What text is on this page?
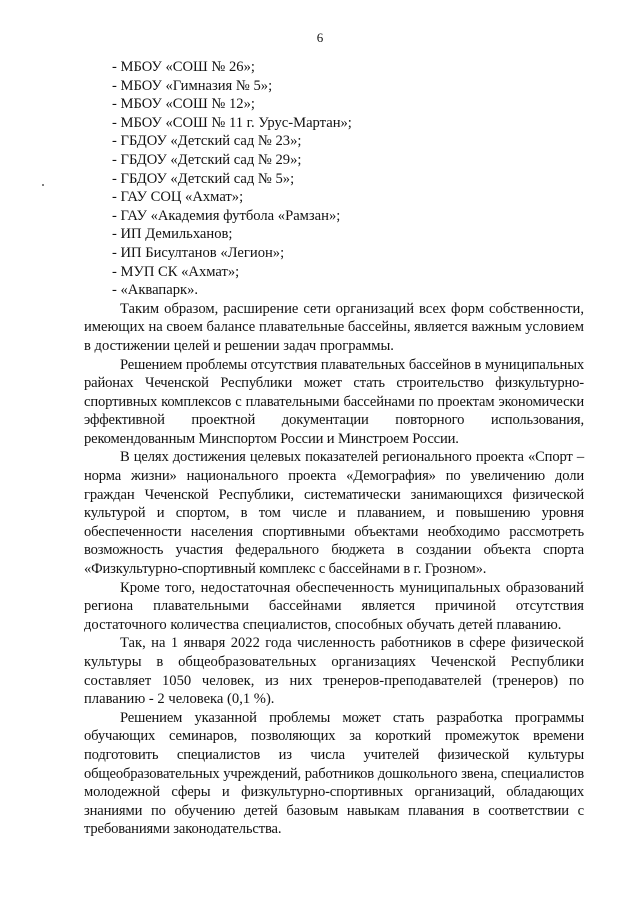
6
- МБОУ «СОШ № 26»;
- МБОУ «Гимназия № 5»;
- МБОУ «СОШ № 12»;
- МБОУ «СОШ № 11 г. Урус-Мартан»;
- ГБДОУ «Детский сад № 23»;
- ГБДОУ «Детский сад № 29»;
- ГБДОУ «Детский сад № 5»;
- ГАУ СОЦ «Ахмат»;
- ГАУ «Академия футбола «Рамзан»;
- ИП Демильханов;
- ИП Бисултанов «Легион»;
- МУП СК «Ахмат»;
- «Аквапарк».

Таким образом, расширение сети организаций всех форм собственности, имеющих на своем балансе плавательные бассейны, является важным условием в достижении целей и решении задач программы.

Решением проблемы отсутствия плавательных бассейнов в муниципальных районах Чеченской Республики может стать строительство физкультурно-спортивных комплексов с плавательными бассейнами по проектам экономически эффективной проектной документации повторного использования, рекомендованным Минспортом России и Минстроем России.

В целях достижения целевых показателей регионального проекта «Спорт – норма жизни» национального проекта «Демография» по увеличению доли граждан Чеченской Республики, систематически занимающихся физической культурой и спортом, в том числе и плаванием, и повышению уровня обеспеченности населения спортивными объектами необходимо рассмотреть возможность участия федерального бюджета в создании объекта спорта «Физкультурно-спортивный комплекс с бассейнами в г. Грозном».

Кроме того, недостаточная обеспеченность муниципальных образований региона плавательными бассейнами является причиной отсутствия достаточного количества специалистов, способных обучать детей плаванию.

Так, на 1 января 2022 года численность работников в сфере физической культуры в общеобразовательных организациях Чеченской Республики составляет 1050 человек, из них тренеров-преподавателей (тренеров) по плаванию - 2 человека (0,1 %).

Решением указанной проблемы может стать разработка программы обучающих семинаров, позволяющих за короткий промежуток времени подготовить специалистов из числа учителей физической культуры общеобразовательных учреждений, работников дошкольного звена, специалистов молодежной сферы и физкультурно-спортивных организаций, обладающих знаниями по обучению детей базовым навыкам плавания в соответствии с требованиями законодательства.
